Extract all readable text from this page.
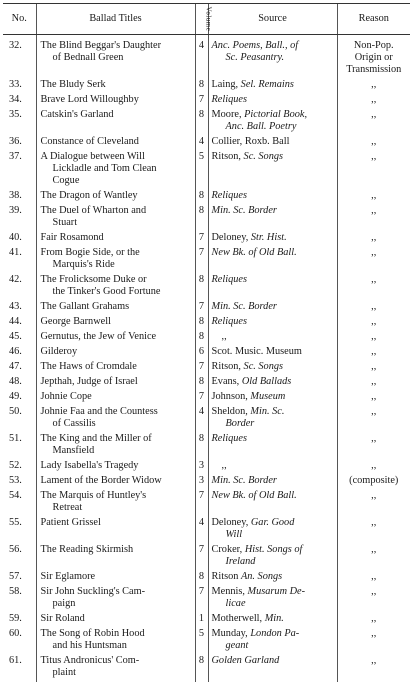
No.	Ballad Titles	Volume	Source	Reason
32.	The Blind Beggar's Daughter
of Bednall Green	4	Anc. Poems, Ball., of
Sc. Peasantry.	Non-Pop.
Origin or
Transmission

33.	The Bludy Serk	8	Laing, Sel. Remains	,,

34.	Brave Lord Willoughby	7	Reliques	,,

35.	Catskin's Garland	8	Moore, Pictorial Book,
Anc. Ball. Poetry	,,

36.	Constance of Cleveland	4	Collier, Roxb. Ball	,,

37.	A Dialogue between Will
Lickladle and Tom Clean
Cogue	5	Ritson, Sc. Songs	,,

38.	The Dragon of Wantley	8	Reliques	,,

39.	The Duel of Wharton and
Stuart	8	Min. Sc. Border	,,

40.	Fair Rosamond	7	Deloney, Str. Hist.	,,

41.	From Bogie Side, or the
Marquis's Ride	7	New Bk. of Old Ball.	,,

42.	The Frolicksome Duke or
the Tinker's Good Fortune	8	Reliques	,,

43.	The Gallant Grahams	7	Min. Sc. Border	,,

44.	George Barnwell	8	Reliques	,,

45.	Gernutus, the Jew of Venice	8	,,	,,

46.	Gilderoy	6	Scot. Music. Museum	,,

47.	The Haws of Cromdale	7	Ritson, Sc. Songs	,,

48.	Jepthah, Judge of Israel	8	Evans, Old Ballads	,,

49.	Johnie Cope	7	Johnson, Museum	,,

50.	Johnie Faa and the Countess
of Cassilis	4	Sheldon, Min. Sc.
Border	,,

51.	The King and the Miller of
Mansfield	8	Reliques	,,

52.	Lady Isabella's Tragedy	3	,,	,,

53.	Lament of the Border Widow	3	Min. Sc. Border	(composite)

54.	The Marquis of Huntley's
Retreat	7	New Bk. of Old Ball.	,,

55.	Patient Grissel	4	Deloney, Gar. Good
Will	,,

56.	The Reading Skirmish	7	Croker, Hist. Songs of
Ireland	,,

57.	Sir Eglamore	8	Ritson An. Songs	,,

58.	Sir John Suckling's Cam-
paign	7	Mennis, Musarum De-
licae	,,

59.	Sir Roland	1	Motherwell, Min.	,,

60.	The Song of Robin Hood
and his Huntsman	5	Munday, London Pa-
geant	,,

61.	Titus Andronicus' Com-
plaint	8	Golden Garland	,,
